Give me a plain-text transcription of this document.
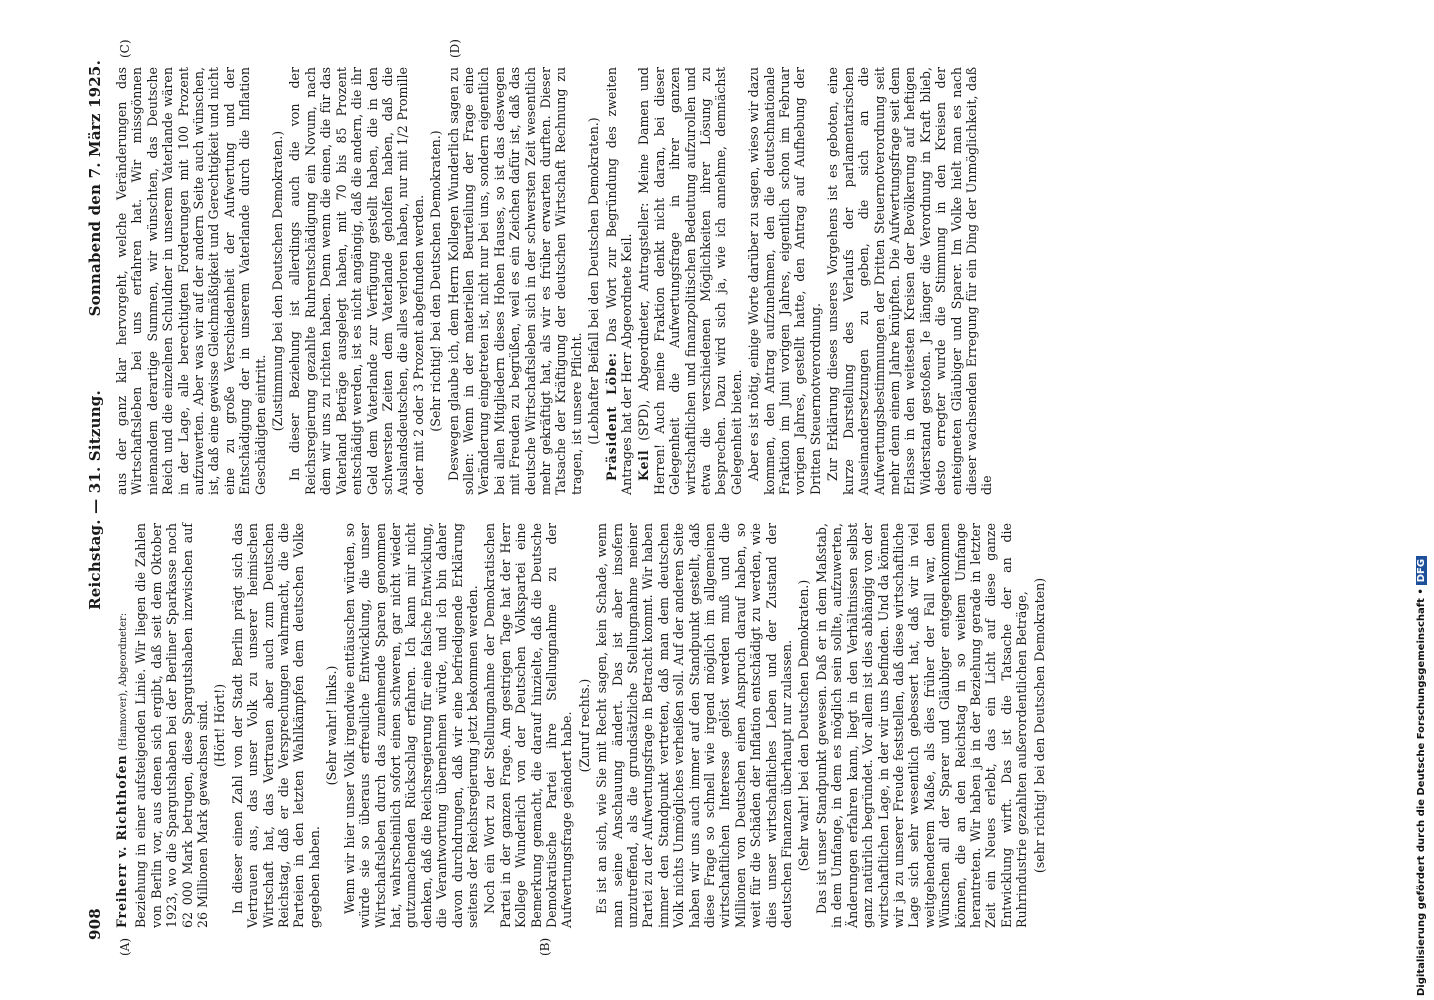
908
Reichstag. — 31. Sitzung.
Sonnabend den 7. März 1925.
(A)	(B)
(C)	(D)

Freiherr v. Richthofen (Hannover), Abgeordneter: Beziehung in einer aufsteigenden Linie. Wir liegen die Zahlen von Berlin vor, aus denen sich ergibt, daß seit dem Oktober 1923, wo die Spargutshaben bei der Berliner Sparkasse noch 62 000 Mark betrugen, diese Spargutshaben inzwischen auf 26 Millionen Mark gewachsen sind. (Hört! Hört!) In dieser einen Zahl von der Stadt Berlin prägt sich das Vertrauen aus, das unser Volk zu unserer heimischen Wirtschaft hat, das Vertrauen aber auch zum Deutschen Reichstag, daß er die Versprechungen wahrmacht, die die Parteien in den letzten Wahlkämpfen dem deutschen Volke gegeben haben.

(Sehr wahr! links.) Wenn wir hier unser Volk irgendwie enttäuschen würden, so würde sie so überaus erfreuliche Entwicklung, die unser Wirtschaftsleben durch das zunehmende Sparen genommen hat, wahrscheinlich sofort einen schweren, gar nicht wieder gutzumachenden Rückschlag erfahren. Ich kann mir nicht denken, daß die Reichsregierung für eine falsche Entwicklung, die Verantwortung übernehmen würde, und ich bin daher davon durchdrungen, daß wir eine befriedigende Erklärung seitens der Reichsregierung jetzt bekommen werden. Noch ein Wort zu der Stellungnahme der Demokratischen Partei in der ganzen Frage. Am gestrigen Tage hat der Herr Kollege Wunderlich von der Deutschen Volkspartei eine Bemerkung gemacht, die darauf hinzielte, daß die Deutsche Demokratische Partei ihre Stellungnahme zu der Aufwertungsfrage geändert habe. (Zuruf rechts.) Es ist an sich, wie Sie mit Recht sagen, kein Schade, wenn man seine Anschauung ändert. Das ist aber insofern unzutreffend, als die grundsätzliche Stellungnahme meiner Partei zu der Aufwertungsfrage in Betracht kommt. Wir haben immer den Standpunkt vertreten, daß man dem deutschen Volk nichts Unmögliches verheißen soll. Auf der anderen Seite haben wir uns auch immer auf den Standpunkt gestellt, daß diese Frage so schnell wie irgend möglich im allgemeinen wirtschaftlichen Interesse gelöst werden muß und die Millionen von Deutschen einen Anspruch darauf haben, so weit für die Schäden der Inflation entschädigt zu werden, wie dies unser wirtschaftliches Leben und der Zustand der deutschen Finanzen überhaupt nur zulassen. (Sehr wahr! bei den Deutschen Demokraten.) Das ist unser Standpunkt gewesen. Daß er in dem Maßstab, in dem Umfange, in dem es möglich sein sollte, aufzuwerten, Änderungen erfahren kann, liegt in den Verhältnissen selbst ganz natürlich begründet. Vor allem ist dies abhängig von der wirtschaftlichen Lage, in der wir uns befinden. Und da können wir ja zu unserer Freude feststellen, daß diese wirtschaftliche Lage sich sehr wesentlich gebessert hat, daß wir in viel weitgehenderem Maße, als dies früher der Fall war, den Wünschen all der Sparer und Gläubiger entgegenkommen können, die an den Reichstag in so weitem Umfange herantreten. Wir haben ja in der Beziehung gerade in letzter Zeit ein Neues erlebt, das ein Licht auf diese ganze Entwicklung wirft. Das ist die Tatsache der an die Ruhrindustrie gezahlten außerordentlichen Beträge, (sehr richtig! bei den Deutschen Demokraten)

aus der ganz klar hervorgeht, welche Veränderungen das Wirtschaftsleben bei uns erfahren hat. Wir missgönnen niemandem derartige Summen, wir wünschten, das Deutsche Reich und die einzelnen Schuldner in unserem Vaterlande wären in der Lage, alle berechtigten Forderungen mit 100 Prozent aufzuwerten. Aber was wir auf der andern Seite auch wünschen, ist, daß eine gewisse Gleichmäßigkeit und Gerechtigkeit und nicht eine zu große Verschiedenheit der Aufwertung und der Entschädigung der in unserem Vaterlande durch die Inflation Geschädigten eintritt. (Zustimmung bei den Deutschen Demokraten.) In dieser Beziehung ist allerdings auch die von der Reichsregierung gezahlte Ruhrentschädigung ein Novum, nach dem wir uns zu richten haben. Denn wenn die einen, die für das Vaterland Beträge ausgelegt haben, mit 70 bis 85 Prozent entschädigt werden, ist es nicht angängig, daß die andern, die ihr Geld dem Vaterlande zur Verfügung gestellt haben, die in den schwersten Zeiten dem Vaterlande geholfen haben, daß die Auslandsdeutschen, die alles verloren haben, nur mit 1/2 Promille oder mit 2 oder 3 Prozent abgefunden werden. (Sehr richtig! bei den Deutschen Demokraten.) Deswegen glaube ich, dem Herrn Kollegen Wunderlich sagen zu sollen: Wenn in der materiellen Beurteilung der Frage eine Veränderung eingetreten ist, nicht nur bei uns, sondern eigentlich bei allen Mitgliedern dieses Hohen Hauses, so ist das deswegen mit Freuden zu begrüßen, weil es ein Zeichen dafür ist, daß das deutsche Wirtschaftsleben sich in der schwersten Zeit wesentlich mehr gekräftigt hat, als wir es früher erwarten durften. Dieser Tatsache der Kräftigung der deutschen Wirtschaft Rechnung zu tragen, ist unsere Pflicht. (Lebhafter Beifall bei den Deutschen Demokraten.) Präsident Löbe: Das Wort zur Begründung des zweiten Antrages hat der Herr Abgeordnete Keil. Keil (SPD), Abgeordneter, Antragsteller: Meine Damen und Herren! Auch meine Fraktion denkt nicht daran, bei dieser Gelegenheit die Aufwertungsfrage in ihrer ganzen wirtschaftlichen und finanzpolitischen Bedeutung aufzurollen und etwa die verschiedenen Möglichkeiten ihrer Lösung zu besprechen. Dazu wird sich ja, wie ich annehme, demnächst Gelegenheit bieten. Aber es ist nötig, einige Worte darüber zu sagen, wieso wir dazu kommen, den Antrag aufzunehmen, den die deutschnationale Fraktion im Juni vorigen Jahres, eigentlich schon im Februar vorigen Jahres, gestellt hatte, den Antrag auf Aufhebung der Dritten Steuernotverordnung. Zur Erklärung dieses unseres Vorgehens ist es geboten, eine kurze Darstellung des Verlaufs der parlamentarischen Auseinandersetzungen zu geben, die sich an die Aufwertungsbestimmungen der Dritten Steuernotverordnung seit mehr denn einem Jahre knüpften. Die Aufwertungsfrage seit dem Erlasse in den weitesten Kreisen der Bevölkerung auf heftigen Widerstand gestoßen. Je länger die Verordnung in Kraft blieb, desto erregter wurde die Stimmung in den Kreisen der enteigneten Gläubiger und Sparer. Im Volke hielt man es nach dieser wachsenden Erregung für ein Ding der Unmöglichkeit, daß die

Digitalisierung gefördert durch die Deutsche Forschungsgemeinschaft •DFG
